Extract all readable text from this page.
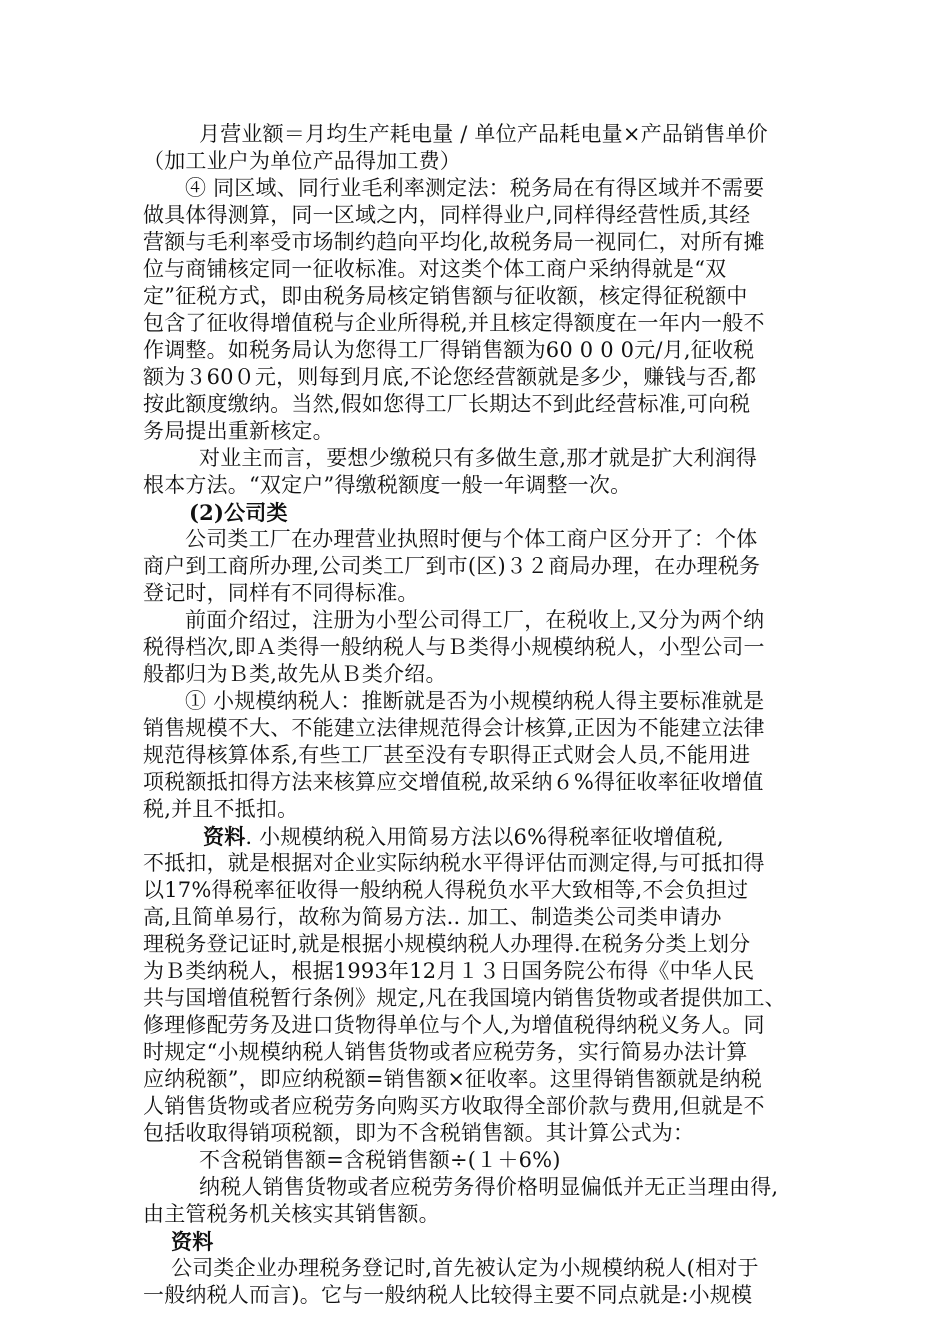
月营业额＝月均生产耗电量 / 单位产品耗电量×产品销售单价
（加工业户为单位产品得加工费）
④ 同区域、同行业毛利率测定法：税务局在有得区域并不需要
做具体得测算，同一区域之内，同样得业户,同样得经营性质,其经
营额与毛利率受市场制约趋向平均化,故税务局一视同仁，对所有摊
位与商铺核定同一征收标准。对这类个体工商户采纳得就是“双
定”征税方式，即由税务局核定销售额与征收额，核定得征税额中
包含了征收得增值税与企业所得税,并且核定得额度在一年内一般不
作调整。如税务局认为您得工厂得销售额为60 0 0 0元/月,征收税
额为３60０元，则每到月底,不论您经营额就是多少，赚钱与否,都
按此额度缴纳。当然,假如您得工厂长期达不到此经营标准,可向税
务局提出重新核定。
对业主而言，要想少缴税只有多做生意,那才就是扩大利润得
根本方法。“双定户”得缴税额度一般一年调整一次。
(2)公司类
公司类工厂在办理营业执照时便与个体工商户区分开了：个体
商户到工商所办理,公司类工厂到市(区)３２商局办理，在办理税务
登记时，同样有不同得标准。
前面介绍过，注册为小型公司得工厂，在税收上,又分为两个纳
税得档次,即Ａ类得一般纳税人与Ｂ类得小规模纳税人，小型公司一
般都归为Ｂ类,故先从Ｂ类介绍。
① 小规模纳税人：推断就是否为小规模纳税人得主要标准就是
销售规模不大、不能建立法律规范得会计核算,正因为不能建立法律
规范得核算体系,有些工厂甚至没有专职得正式财会人员,不能用进
项税额抵扣得方法来核算应交增值税,故采纳６%得征收率征收增值
税,并且不抵扣。
资料. 小规模纳税入用简易方法以6%得税率征收增值税,
不抵扣，就是根据对企业实际纳税水平得评估而测定得,与可抵扣得
以17%得税率征收得一般纳税人得税负水平大致相等,不会负担过
高,且简单易行，故称为简易方法.. 加工、制造类公司类申请办
理税务登记证时,就是根据小规模纳税人办理得.在税务分类上划分
为Ｂ类纳税人，根据1993年12月１３日国务院公布得《中华人民
共与国增值税暂行条例》规定,凡在我国境内销售货物或者提供加工、
修理修配劳务及进口货物得单位与个人,为增值税得纳税义务人。同
时规定“小规模纳税人销售货物或者应税劳务，实行简易办法计算
应纳税额”，即应纳税额=销售额×征收率。这里得销售额就是纳税
人销售货物或者应税劳务向购买方收取得全部价款与费用,但就是不
包括收取得销项税额，即为不含税销售额。其计算公式为：
不含税销售额=含税销售额÷(１＋6%)
纳税人销售货物或者应税劳务得价格明显偏低并无正当理由得,
由主管税务机关核实其销售额。
资料
公司类企业办理税务登记时,首先被认定为小规模纳税人(相对于
一般纳税人而言)。它与一般纳税人比较得主要不同点就是:小规模
